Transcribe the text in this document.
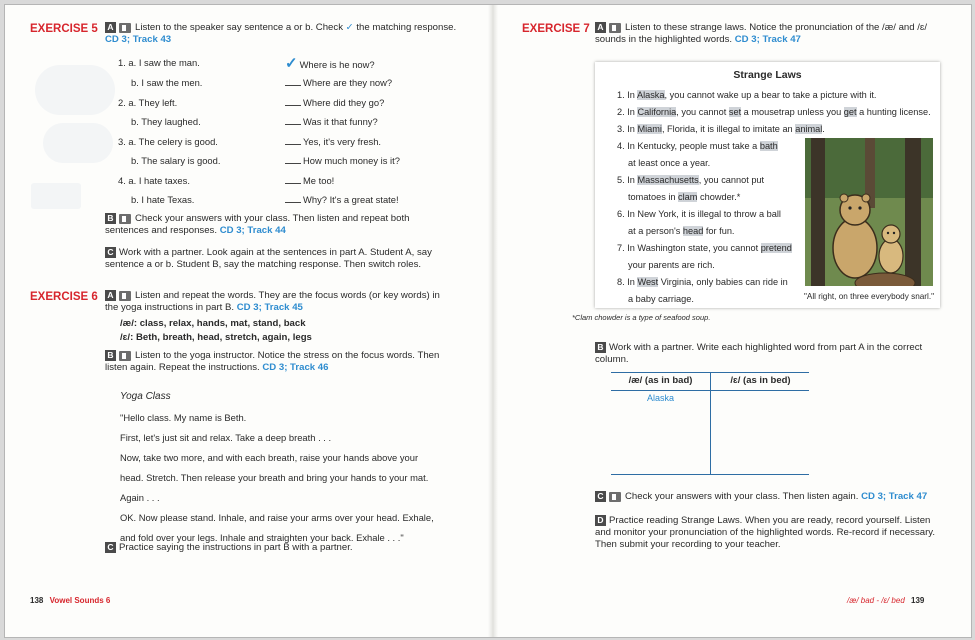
EXERCISE 5 A Listen to the speaker say sentence a or b. Check ✓ the matching response.
CD 3; Track 43
1. a. I saw the man.	✓ Where is he now?
b. I saw the men.	Where are they now?
2. a. They left.	Where did they go?
b. They laughed.	Was it that funny?
3. a. The celery is good.	Yes, it's very fresh.
b. The salary is good.	How much money is it?
4. a. I hate taxes.	Me too!
b. I hate Texas.	Why? It's a great state!
B Check your answers with your class. Then listen and repeat both sentences and responses. CD 3; Track 44
C Work with a partner. Look again at the sentences in part A. Student A, say sentence a or b. Student B, say the matching response. Then switch roles.
EXERCISE 6 A Listen and repeat the words. They are the focus words (or key words) in the yoga instructions in part B. CD 3; Track 45
/æ/: class, relax, hands, mat, stand, back
/ɛ/: Beth, breath, head, stretch, again, legs
B Listen to the yoga instructor. Notice the stress on the focus words. Then listen again. Repeat the instructions. CD 3; Track 46

Yoga Class

"Hello class. My name is Beth.

First, let's just sit and relax. Take a deep breath . . .

Now, take two more, and with each breath, raise your hands above your

head. Stretch. Then release your breath and bring your hands to your mat.

Again . . .

OK. Now please stand. Inhale, and raise your arms over your head. Exhale,

and fold over your legs. Inhale and straighten your back. Exhale . . ."

C Practice saying the instructions in part B with a partner.
138 Vowel Sounds 6
EXERCISE 7 A Listen to these strange laws. Notice the pronunciation of the /æ/ and /ɛ/ sounds in the highlighted words. CD 3; Track 47
Strange Laws
1. In Alaska, you cannot wake up a bear to take a picture with it.
2. In California, you cannot set a mousetrap unless you get a hunting license.
3. In Miami, Florida, it is illegal to imitate an animal.
4. In Kentucky, people must take a bath
at least once a year.
5. In Massachusetts, you cannot put
tomatoes in clam chowder.*
6. In New York, it is illegal to throw a ball
at a person's head for fun.
7. In Washington state, you cannot pretend
your parents are rich.
8. In West Virginia, only babies can ride in
a baby carriage.	"All right, on three everybody snarl."
*Clam chowder is a type of seafood soup.
B Work with a partner. Write each highlighted word from part A in the correct column.
/æ/ (as in bad)	/ɛ/ (as in bed)
Alaska
C Check your answers with your class. Then listen again. CD 3; Track 47
D Practice reading Strange Laws. When you are ready, record yourself. Listen and monitor your pronunciation of the highlighted words. Re-record if necessary. Then submit your recording to your teacher.
/æ/ bad - /ɛ/ bed 139
